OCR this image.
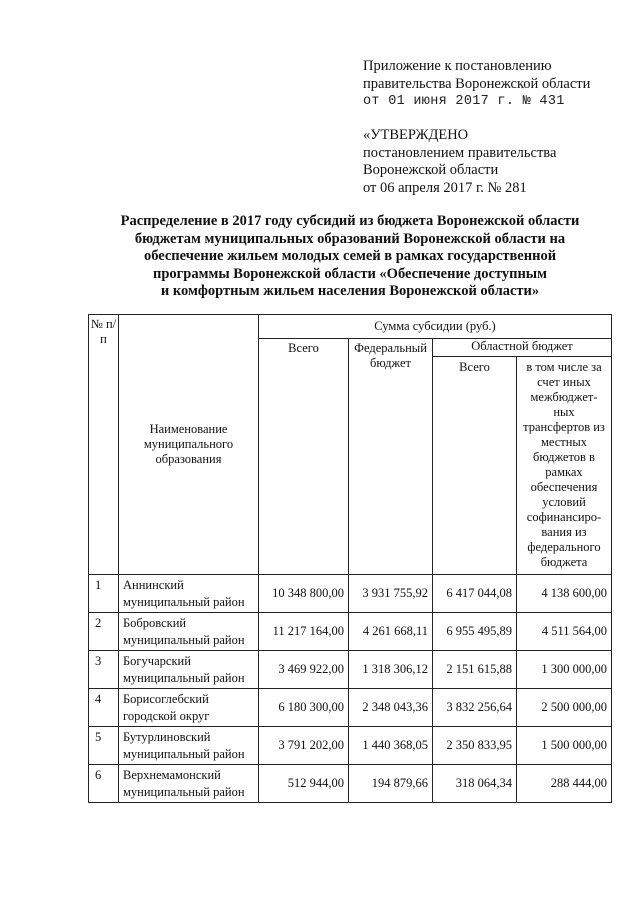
Приложение к постановлению
правительства Воронежской области
от 01 июня 2017 г. № 431
«УТВЕРЖДЕНО
постановлением правительства
Воронежской области
от 06 апреля 2017 г. № 281
Распределение в 2017 году субсидий из бюджета Воронежской области
бюджетам муниципальных образований Воронежской области на
обеспечение жильем молодых семей в рамках государственной
программы Воронежской области «Обеспечение доступным
и комфортным жильем населения Воронежской области»
№ п/п	Наименование муниципального образования	Сумма субсидии (руб.)			
		Всего	Федеральный бюджет	Областной бюджет	
				Всего	в том числе за счет иных межбюджет-ных трансфертов из местных бюджетов в рамках обеспечения условий софинансиро-вания из федерального бюджета
1	Аннинский муниципальный район	10 348 800,00	3 931 755,92	6 417 044,08	4 138 600,00
2	Бобровский муниципальный район	11 217 164,00	4 261 668,11	6 955 495,89	4 511 564,00
3	Богучарский муниципальный район	3 469 922,00	1 318 306,12	2 151 615,88	1 300 000,00
4	Борисоглебский городской округ	6 180 300,00	2 348 043,36	3 832 256,64	2 500 000,00
5	Бутурлиновский муниципальный район	3 791 202,00	1 440 368,05	2 350 833,95	1 500 000,00
6	Верхнемамонский муниципальный район	512 944,00	194 879,66	318 064,34	288 444,00
